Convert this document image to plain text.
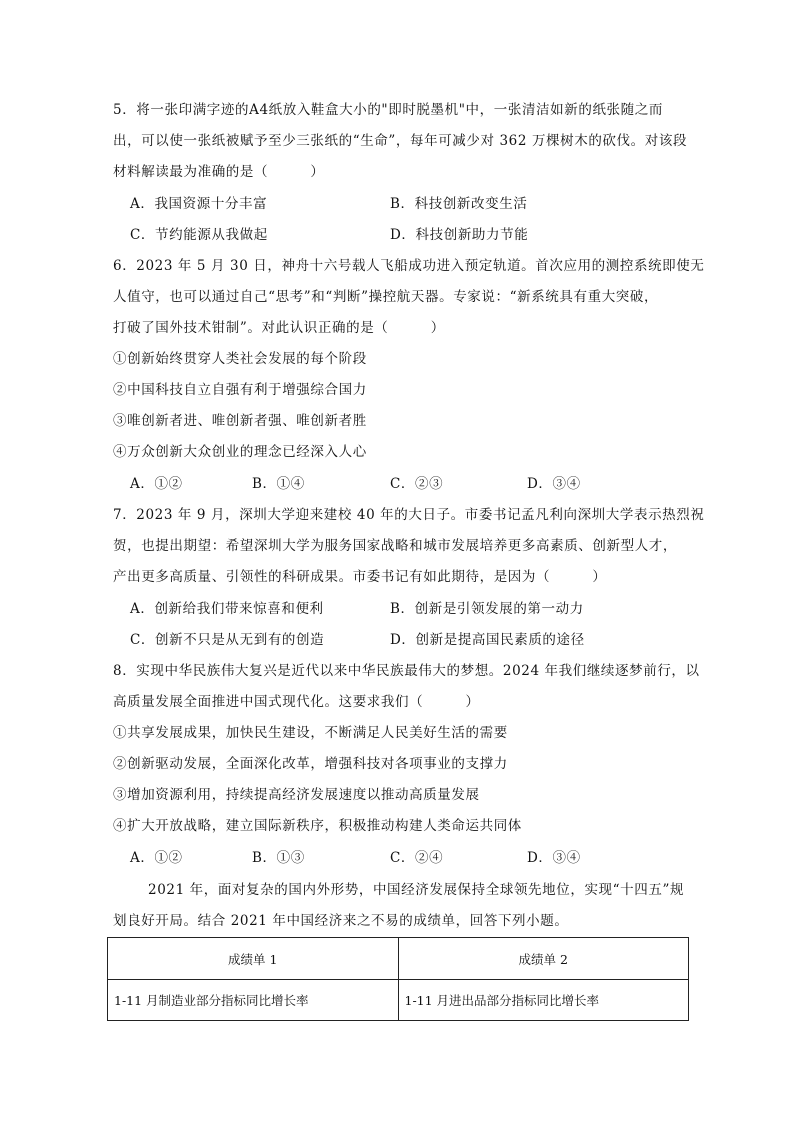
5．将一张印满字迹的A4纸放入鞋盒大小的"即时脱墨机"中，一张清洁如新的纸张随之而
出，可以使一张纸被赋予至少三张纸的“生命”，每年可减少对 362 万棵树木的砍伐。对该段
材料解读最为准确的是（　　　）
A．我国资源十分丰富	B．科技创新改变生活
C．节约能源从我做起	D．科技创新助力节能
6．2023 年 5 月 30 日，神舟十六号载人飞船成功进入预定轨道。首次应用的测控系统即使无
人值守，也可以通过自己“思考”和“判断”操控航天器。专家说：“新系统具有重大突破，
打破了国外技术钳制”。对此认识正确的是（　　　）
①创新始终贯穿人类社会发展的每个阶段
②中国科技自立自强有利于增强综合国力
③唯创新者进、唯创新者强、唯创新者胜
④万众创新大众创业的理念已经深入人心
A．①②	B．①④	C．②③	D．③④
7．2023 年 9 月，深圳大学迎来建校 40 年的大日子。市委书记孟凡利向深圳大学表示热烈祝
贺，也提出期望：希望深圳大学为服务国家战略和城市发展培养更多高素质、创新型人才，
产出更多高质量、引领性的科研成果。市委书记有如此期待，是因为（　　　）
A．创新给我们带来惊喜和便利	B．创新是引领发展的第一动力
C．创新不只是从无到有的创造	D．创新是提高国民素质的途径
8．实现中华民族伟大复兴是近代以来中华民族最伟大的梦想。2024 年我们继续逐梦前行，以
高质量发展全面推进中国式现代化。这要求我们（　　　）
①共享发展成果，加快民生建设，不断满足人民美好生活的需要
②创新驱动发展，全面深化改革，增强科技对各项事业的支撑力
③增加资源利用，持续提高经济发展速度以推动高质量发展
④扩大开放战略，建立国际新秩序，积极推动构建人类命运共同体
A．①②	B．①③	C．②④	D．③④
2021 年，面对复杂的国内外形势，中国经济发展保持全球领先地位，实现“十四五”规
划良好开局。结合 2021 年中国经济来之不易的成绩单，回答下列小题。
成绩单 1	成绩单 2
1-11 月制造业部分指标同比增长率	1-11 月进出品部分指标同比增长率
